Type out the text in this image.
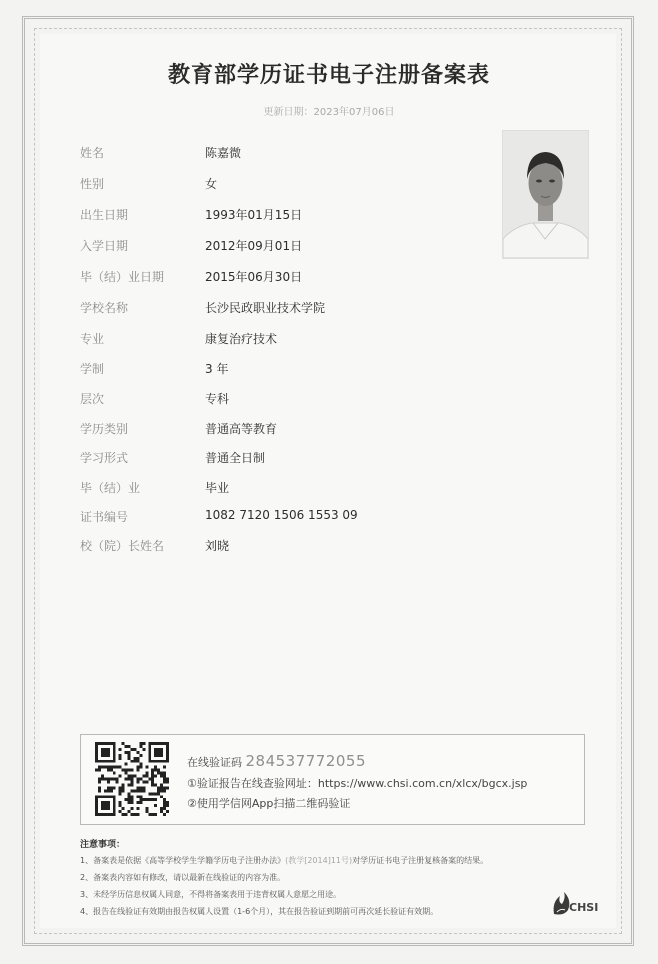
教育部学历证书电子注册备案表
更新日期：2023年07月06日
姓名	陈嘉微
性别	女
出生日期	1993年01月15日
入学日期	2012年09月01日
毕（结）业日期	2015年06月30日
学校名称	长沙民政职业技术学院
专业	康复治疗技术
学制	3 年
层次	专科
学历类别	普通高等教育
学习形式	普通全日制
毕（结）业	毕业
证书编号	1082 7120 1506 1553 09
校（院）长姓名	刘晓
在线验证码 284537772055
①验证报告在线查验网址：https://www.chsi.com.cn/xlcx/bgcx.jsp
②使用学信网App扫描二维码验证
注意事项：
1、备案表是依据《高等学校学生学籍学历电子注册办法》(教学[2014]11号)对学历证书电子注册复核备案的结果。
2、备案表内容如有修改，请以最新在线验证的内容为准。
3、未经学历信息权属人同意，不得将备案表用于违背权属人意愿之用途。
4、报告在线验证有效期由报告权属人设置（1-6个月），其在报告验证到期前可再次延长验证有效期。	CHSI
